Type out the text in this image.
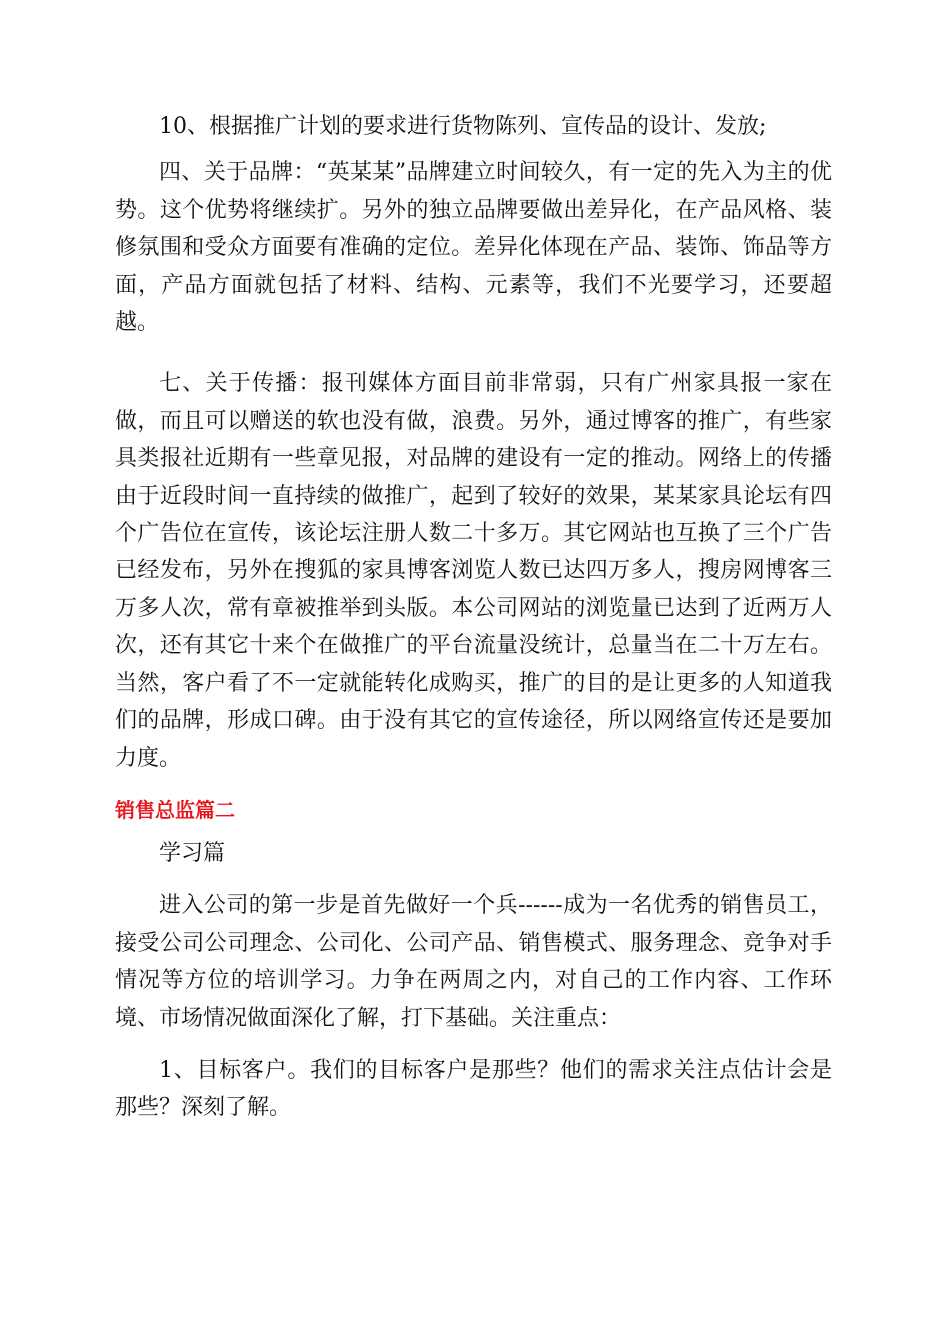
10、根据推广计划的要求进行货物陈列、宣传品的设计、发放;

四、关于品牌：“英某某”品牌建立时间较久，有一定的先入为主的优势。这个优势将继续扩。另外的独立品牌要做出差异化，在产品风格、装修氛围和受众方面要有准确的定位。差异化体现在产品、装饰、饰品等方面，产品方面就包括了材料、结构、元素等，我们不光要学习，还要超越。

七、关于传播：报刊媒体方面目前非常弱，只有广州家具报一家在做，而且可以赠送的软也没有做，浪费。另外，通过博客的推广，有些家具类报社近期有一些章见报，对品牌的建设有一定的推动。网络上的传播由于近段时间一直持续的做推广，起到了较好的效果，某某家具论坛有四个广告位在宣传，该论坛注册人数二十多万。其它网站也互换了三个广告已经发布，另外在搜狐的家具博客浏览人数已达四万多人，搜房网博客三万多人次，常有章被推举到头版。本公司网站的浏览量已达到了近两万人次，还有其它十来个在做推广的平台流量没统计，总量当在二十万左右。当然，客户看了不一定就能转化成购买，推广的目的是让更多的人知道我们的品牌，形成口碑。由于没有其它的宣传途径，所以网络宣传还是要加力度。

销售总监篇二

学习篇

进入公司的第一步是首先做好一个兵------成为一名优秀的销售员工，接受公司公司理念、公司化、公司产品、销售模式、服务理念、竞争对手情况等方位的培训学习。力争在两周之内，对自己的工作内容、工作环境、市场情况做面深化了解，打下基础。关注重点：

1、目标客户。我们的目标客户是那些？他们的需求关注点估计会是那些？深刻了解。
